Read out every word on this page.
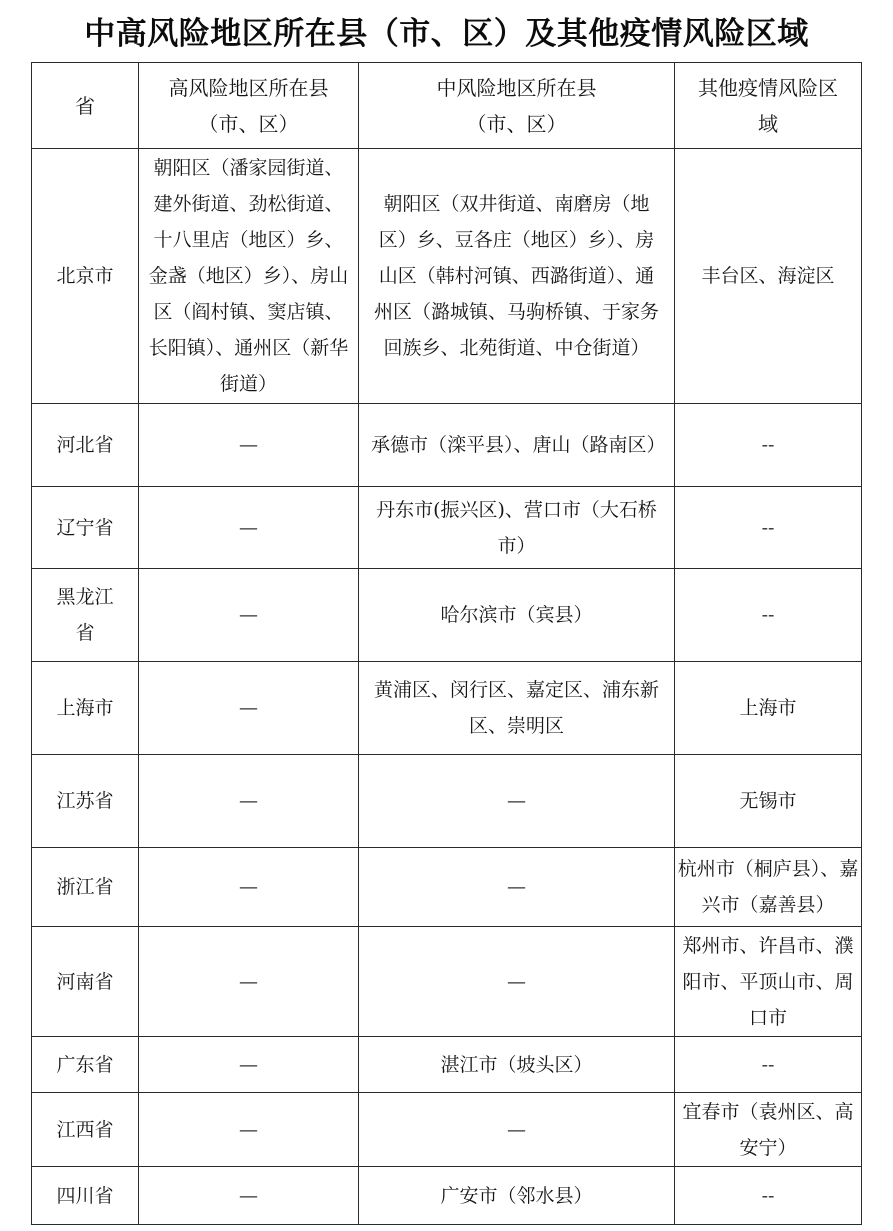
中高风险地区所在县（市、区）及其他疫情风险区域
省	高风险地区所在县（市、区）	中风险地区所在县（市、区）	其他疫情风险区域
北京市	朝阳区（潘家园街道、建外街道、劲松街道、十八里店（地区）乡、金盏（地区）乡）、房山区（阎村镇、窦店镇、长阳镇）、通州区（新华街道）	朝阳区（双井街道、南磨房（地区）乡、豆各庄（地区）乡）、房山区（韩村河镇、西潞街道）、通州区（潞城镇、马驹桥镇、于家务回族乡、北苑街道、中仓街道）	丰台区、海淀区
河北省	—	承德市（滦平县）、唐山（路南区）	--
辽宁省	—	丹东市(振兴区)、营口市（大石桥市）	--
黑龙江省	—	哈尔滨市（宾县）	--
上海市	—	黄浦区、闵行区、嘉定区、浦东新区、崇明区	上海市
江苏省	—	—	无锡市
浙江省	—	—	杭州市（桐庐县）、嘉兴市（嘉善县）
河南省	—	—	郑州市、许昌市、濮阳市、平顶山市、周口市
广东省	—	湛江市（坡头区）	--
江西省	—	—	宜春市（袁州区、高安宁）
四川省	—	广安市（邻水县）	--
